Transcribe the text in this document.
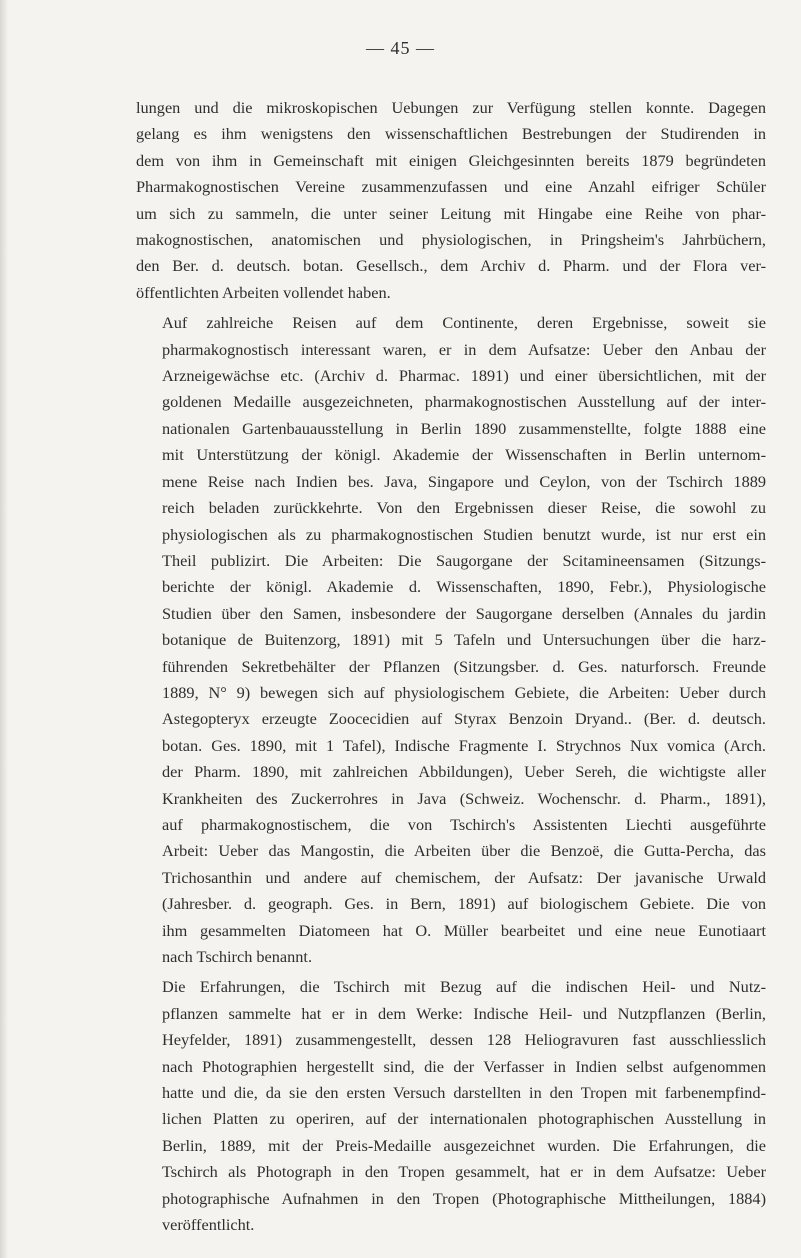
— 45 —
lungen und die mikroskopischen Uebungen zur Verfügung stellen konnte. Dagegen
gelang es ihm wenigstens den wissenschaftlichen Bestrebungen der Studirenden in
dem von ihm in Gemeinschaft mit einigen Gleichgesinnten bereits 1879 begründeten
Pharmakognostischen Vereine zusammenzufassen und eine Anzahl eifriger Schüler
um sich zu sammeln, die unter seiner Leitung mit Hingabe eine Reihe von phar-
makognostischen, anatomischen und physiologischen, in Pringsheim's Jahrbüchern,
den Ber. d. deutsch. botan. Gesellsch., dem Archiv d. Pharm. und der Flora ver-
öffentlichten Arbeiten vollendet haben.
Auf zahlreiche Reisen auf dem Continente, deren Ergebnisse, soweit sie
pharmakognostisch interessant waren, er in dem Aufsatze: Ueber den Anbau der
Arzneigewächse etc. (Archiv d. Pharmac. 1891) und einer übersichtlichen, mit der
goldenen Medaille ausgezeichneten, pharmakognostischen Ausstellung auf der inter-
nationalen Gartenbauausstellung in Berlin 1890 zusammenstellte, folgte 1888 eine
mit Unterstützung der königl. Akademie der Wissenschaften in Berlin unternom-
mene Reise nach Indien bes. Java, Singapore und Ceylon, von der Tschirch 1889
reich beladen zurückkehrte. Von den Ergebnissen dieser Reise, die sowohl zu
physiologischen als zu pharmakognostischen Studien benutzt wurde, ist nur erst ein
Theil publizirt. Die Arbeiten: Die Saugorgane der Scitamineensamen (Sitzungs-
berichte der königl. Akademie d. Wissenschaften, 1890, Febr.), Physiologische
Studien über den Samen, insbesondere der Saugorgane derselben (Annales du jardin
botanique de Buitenzorg, 1891) mit 5 Tafeln und Untersuchungen über die harz-
führenden Sekretbehälter der Pflanzen (Sitzungsber. d. Ges. naturforsch. Freunde
1889, N° 9) bewegen sich auf physiologischem Gebiete, die Arbeiten: Ueber durch
Astegopteryx erzeugte Zoocecidien auf Styrax Benzoin Dryand.. (Ber. d. deutsch.
botan. Ges. 1890, mit 1 Tafel), Indische Fragmente I. Strychnos Nux vomica (Arch.
der Pharm. 1890, mit zahlreichen Abbildungen), Ueber Sereh, die wichtigste aller
Krankheiten des Zuckerrohres in Java (Schweiz. Wochenschr. d. Pharm., 1891),
auf pharmakognostischem, die von Tschirch's Assistenten Liechti ausgeführte
Arbeit: Ueber das Mangostin, die Arbeiten über die Benzoë, die Gutta-Percha, das
Trichosanthin und andere auf chemischem, der Aufsatz: Der javanische Urwald
(Jahresber. d. geograph. Ges. in Bern, 1891) auf biologischem Gebiete. Die von
ihm gesammelten Diatomeen hat O. Müller bearbeitet und eine neue Eunotiaart
nach Tschirch benannt.
Die Erfahrungen, die Tschirch mit Bezug auf die indischen Heil- und Nutz-
pflanzen sammelte hat er in dem Werke: Indische Heil- und Nutzpflanzen (Berlin,
Heyfelder, 1891) zusammengestellt, dessen 128 Heliogravuren fast ausschliesslich
nach Photographien hergestellt sind, die der Verfasser in Indien selbst aufgenommen
hatte und die, da sie den ersten Versuch darstellten in den Tropen mit farbenempfind-
lichen Platten zu operiren, auf der internationalen photographischen Ausstellung in
Berlin, 1889, mit der Preis-Medaille ausgezeichnet wurden. Die Erfahrungen, die
Tschirch als Photograph in den Tropen gesammelt, hat er in dem Aufsatze: Ueber
photographische Aufnahmen in den Tropen (Photographische Mittheilungen, 1884)
veröffentlicht.
